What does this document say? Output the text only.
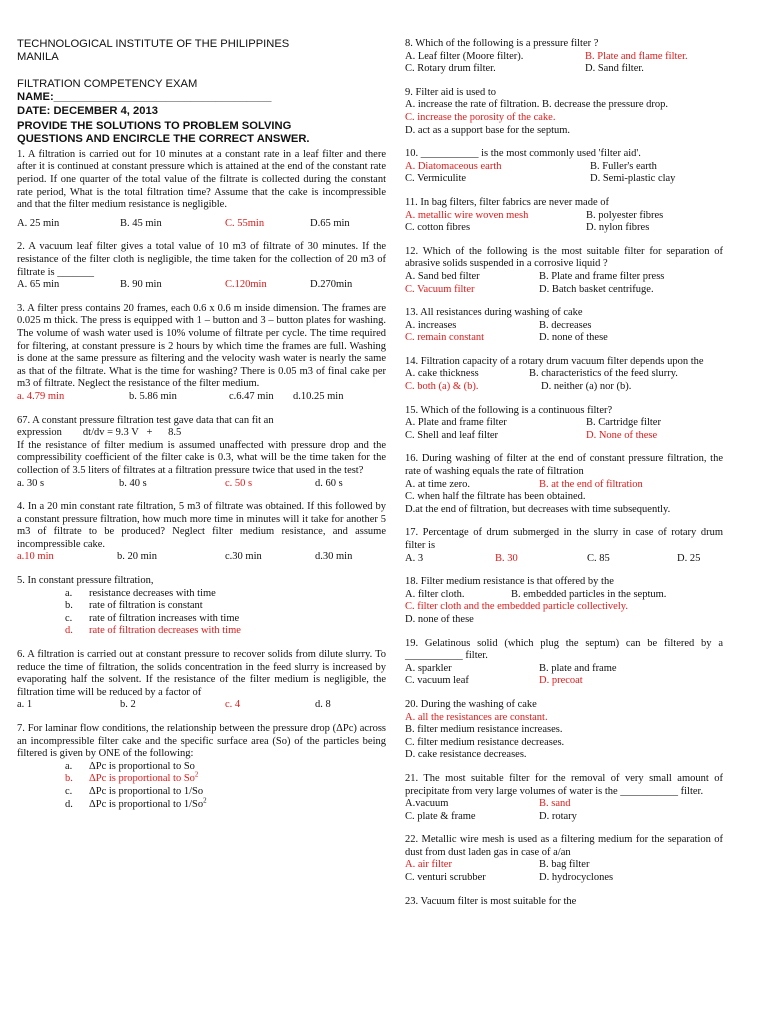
TECHNOLOGICAL INSTITUTE OF THE PHILIPPINES
MANILA
FILTRATION COMPETENCY EXAM
NAME:___________________________________
DATE: DECEMBER 4, 2013
PROVIDE THE SOLUTIONS TO PROBLEM SOLVING
QUESTIONS AND ENCIRCLE THE CORRECT ANSWER.
1. A filtration is carried out for 10 minutes at a constant rate in a leaf filter and there after it is continued at constant pressure which is attained at the end of the constant rate period. If one quarter of the total value of the filtrate is collected during the constant rate period, What is the total filtration time? Assume that the cake is incompressible and that the filter medium resistance is negligible.
A. 25 min	B. 45 min	C. 55min	D.65 min
2. A vacuum leaf filter gives a total value of 10 m3 of filtrate of 30 minutes. If the resistance of the filter cloth is negligible, the time taken for the collection of 20 m3 of filtrate is _______
A. 65 min	B. 90 min	C.120min	D.270min
3. A filter press contains 20 frames, each 0.6 x 0.6 m inside dimension. The frames are 0.025 m thick. The press is equipped with 1 – button and 3 – button plates for washing. The volume of wash water used is 10% volume of filtrate per cycle. The time required for filtering, at constant pressure is 2 hours by which time the frames are full. Washing is done at the same pressure as filtering and the velocity wash water is nearly the same as that of the filtrate. What is the time for washing? There is 0.05 m3 of final cake per m3 of filtrate. Neglect the resistance of the filter medium.
a. 4.79 min	b. 5.86 min	c.6.47 min	d.10.25 min
67. A constant pressure filtration test gave data that can fit an
expression        dt/dv = 9.3 V   +      8.5
If the resistance of filter medium is assumed unaffected with pressure drop and the compressibility coefficient of the filter cake is 0.3, what will be the time taken for the collection of 3.5 liters of filtrates at a filtration pressure twice that used in the test?
a. 30 s	b. 40 s	c. 50 s	d. 60 s
4. In a 20 min constant rate filtration, 5 m3 of filtrate was obtained. If this followed by a constant pressure filtration, how much more time in minutes will it take for another 5 m3 of filtrate to be produced? Neglect filter medium resistance, and assume incompressible cake.
a.10 min	b. 20 min	c.30 min	d.30 min
5. In constant pressure filtration,
a.	resistance decreases with time
b.	rate of filtration is constant
c.	rate of filtration increases with time
d.	rate of filtration decreases with time
6. A filtration is carried out at constant pressure to recover solids from dilute slurry. To reduce the time of filtration, the solids concentration in the feed slurry is increased by evaporating half the solvent. If the resistance of the filter medium is negligible, the filtration time will be reduced by a factor of
a. 1	b. 2	c. 4	d. 8
7. For laminar flow conditions, the relationship between the pressure drop (ΔPc) across an incompressible filter cake and the specific surface area (So) of the particles being filtered is given by ONE of the following:
a.	ΔPc is proportional to So
b.	ΔPc is proportional to So$^2$
c.	ΔPc is proportional to 1/So
d.	ΔPc is proportional to 1/So$^2$
8. Which of the following is a pressure filter ?
A. Leaf filter (Moore filter).	B. Plate and flame filter.
C. Rotary drum filter.	D. Sand filter.
9. Filter aid is used to
A. increase the rate of filtration. B. decrease the pressure drop.
C. increase the porosity of the cake.
D. act as a support base for the septum.
10. ___________ is the most commonly used 'filter aid'.
A. Diatomaceous earth	B. Fuller's earth
C. Vermiculite	D. Semi-plastic clay
11. In bag filters, filter fabrics are never made of
A. metallic wire woven mesh	B. polyester fibres
C. cotton fibres	D. nylon fibres
12. Which of the following is the most suitable filter for separation of abrasive solids suspended in a corrosive liquid ?
A. Sand bed filter	B. Plate and frame filter press
C. Vacuum filter	D. Batch basket centrifuge.
13. All resistances during washing of cake
A. increases	B. decreases
C. remain constant	D. none of these
14. Filtration capacity of a rotary drum vacuum filter depends upon the
A. cake thickness	B. characteristics of the feed slurry.
C. both (a) & (b).	D. neither (a) nor (b).
15. Which of the following is a continuous filter?
A. Plate and frame filter	B. Cartridge filter
C. Shell and leaf filter	D. None of these
16. During washing of filter at the end of constant pressure filtration, the rate of washing equals the rate of filtration
A. at time zero.	B. at the end of filtration
C. when half the filtrate has been obtained.
D.at the end of filtration, but decreases with time subsequently.
17. Percentage of drum submerged in the slurry in case of rotary drum filter is
A. 3	B. 30	C. 85	D. 25
18. Filter medium resistance is that offered by the
A. filter cloth.	B. embedded particles in the septum.
C. filter cloth and the embedded particle collectively.
D. none of these
19. Gelatinous solid (which plug the septum) can be filtered by a ___________ filter.
A. sparkler	B. plate and frame
C. vacuum leaf	D. precoat
20. During the washing of cake
A. all the resistances are constant.
B. filter medium resistance increases.
C. filter medium resistance decreases.
D. cake resistance decreases.
21. The most suitable filter for the removal of very small amount of precipitate from very large volumes of water is the ___________ filter.
A.vacuum	B. sand
C. plate & frame	D. rotary
22. Metallic wire mesh is used as a filtering medium for the separation of dust from dust laden gas in case of a/an
A. air filter	B. bag filter
C. venturi scrubber	D. hydrocyclones
23. Vacuum filter is most suitable for the
